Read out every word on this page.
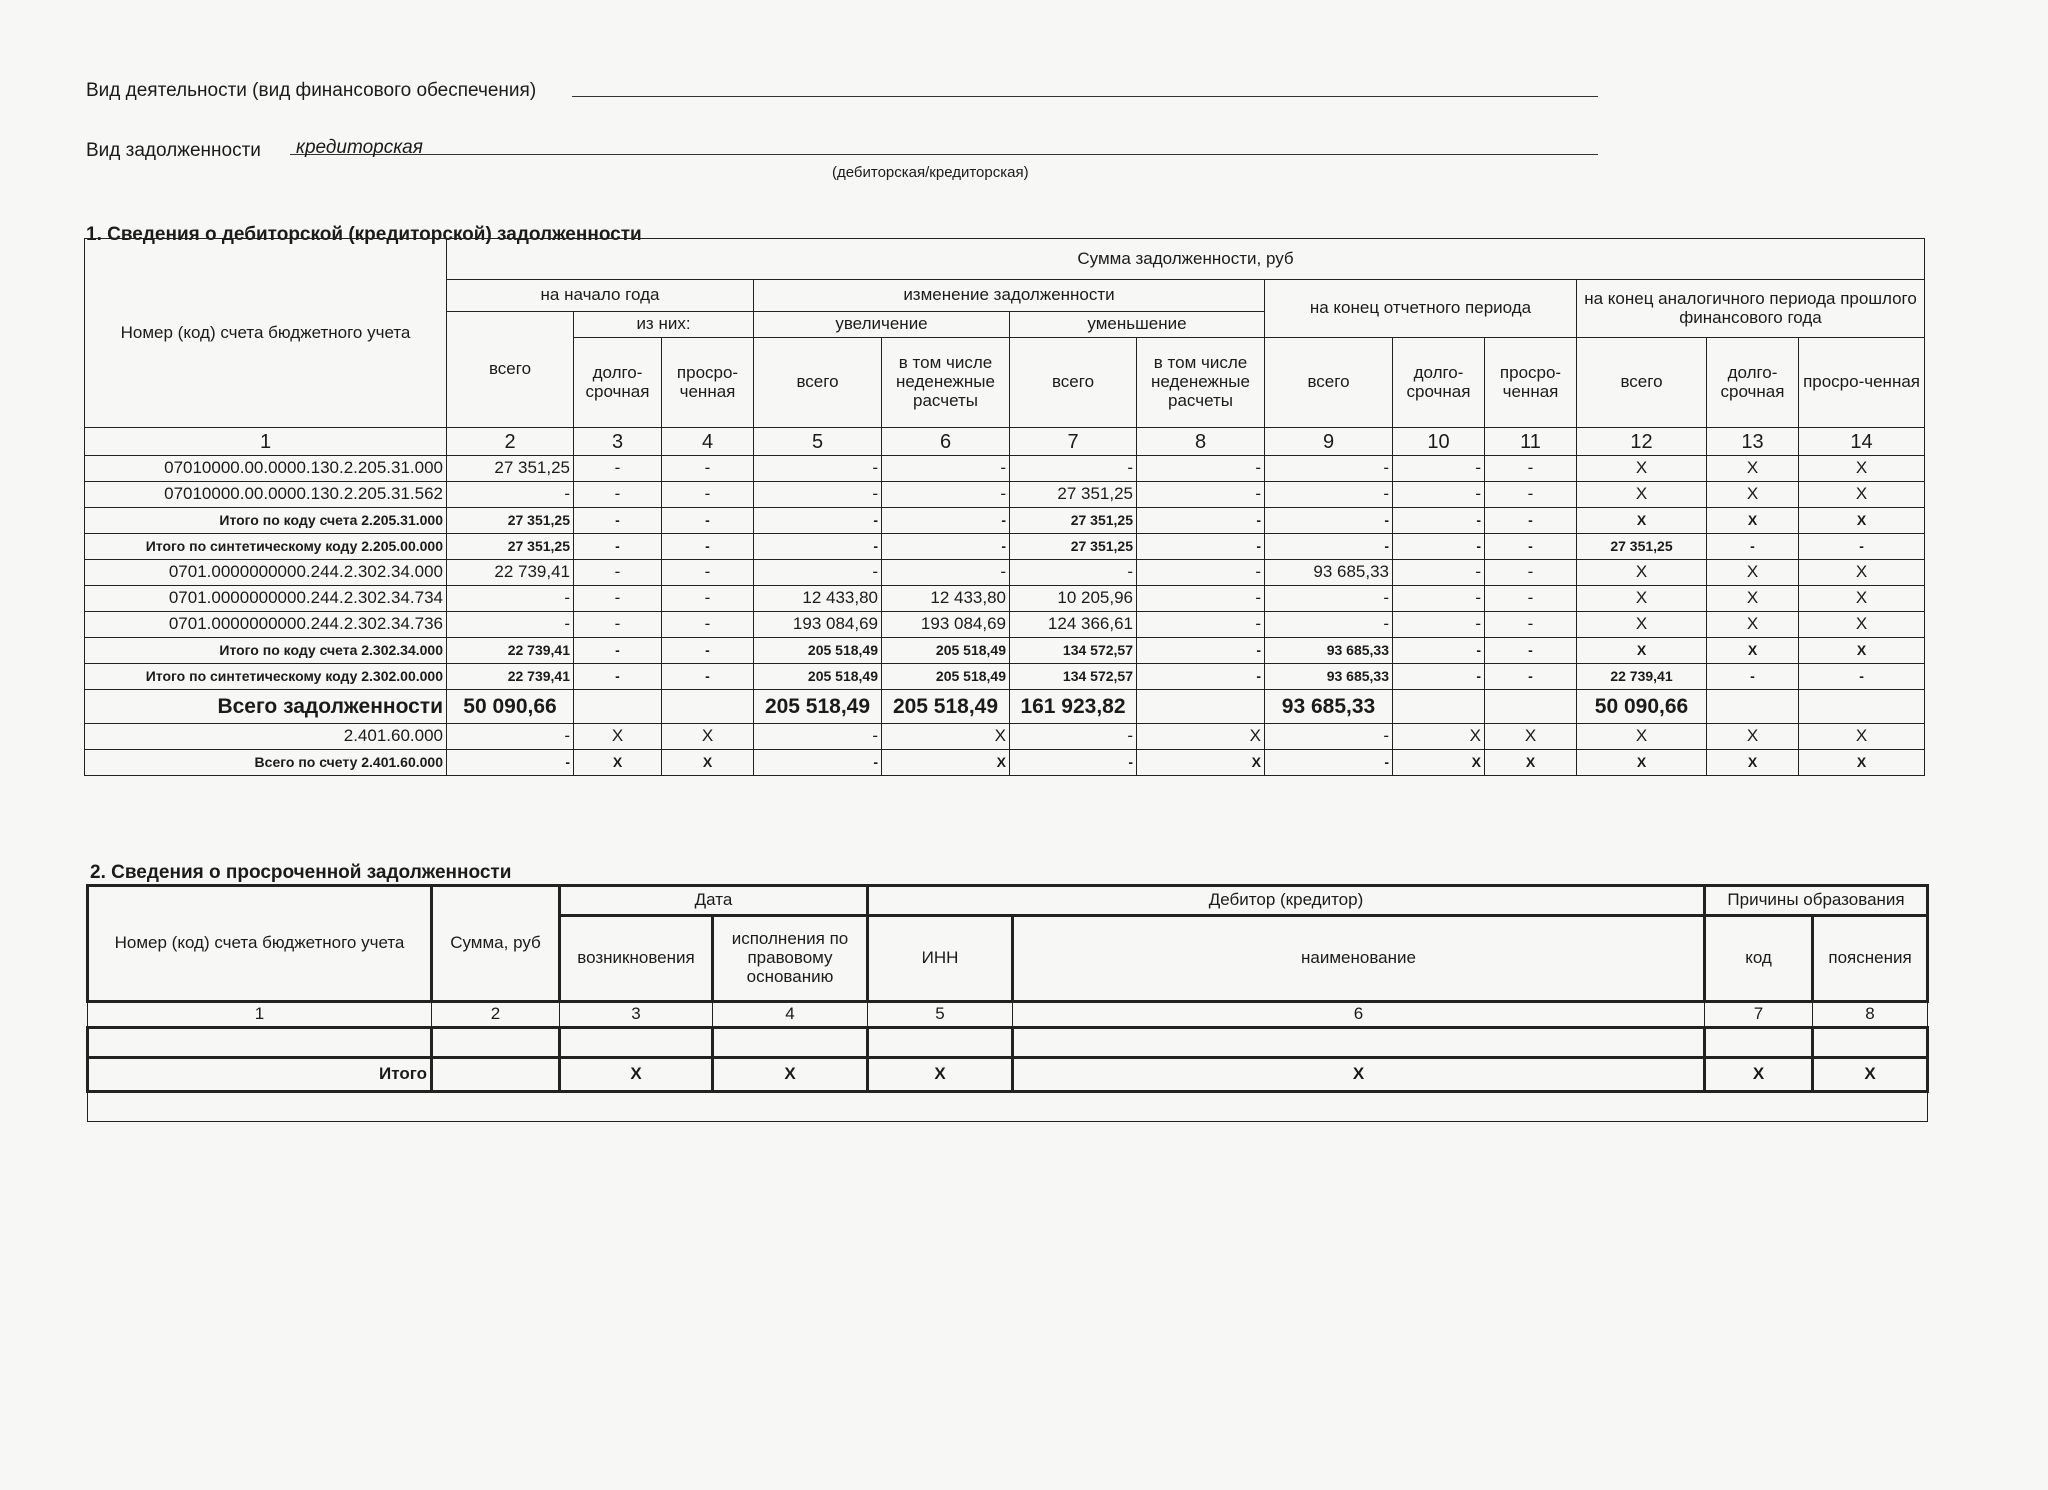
Вид деятельности (вид финансового обеспечения)
Вид задолженности кредиторская
(дебиторская/кредиторская)
1. Сведения о дебиторской (кредиторской) задолженности
Номер (код) счета бюджетного учета	Сумма задолженности, руб												
	на начало года			изменение задолженности				на конец отчетного периода			на конец аналогичного периода прошлого финансового года		
	всего	из них:		увеличение		уменьшение							
		долго-срочная	просро-ченная	всего	в том числе неденежные расчеты	всего	в том числе неденежные расчеты	всего	долго-срочная	просро-ченная	всего	долго-срочная	просро-ченная
1	2	3	4	5	6	7	8	9	10	11	12	13	14
07010000.00.0000.130.2.205.31.000	27 351,25	-	-	-	-	-	-	-	-	-	Х	Х	Х
07010000.00.0000.130.2.205.31.562	-	-	-	-	-	27 351,25	-	-	-	-	Х	Х	Х
Итого по коду счета 2.205.31.000	27 351,25	-	-	-	-	27 351,25	-	-	-	-	Х	Х	Х
Итого по синтетическому коду 2.205.00.000	27 351,25	-	-	-	-	27 351,25	-	-	-	-	27 351,25	-	-
0701.0000000000.244.2.302.34.000	22 739,41	-	-	-	-	-	-	93 685,33	-	-	Х	Х	Х
0701.0000000000.244.2.302.34.734	-	-	-	12 433,80	12 433,80	10 205,96	-	-	-	-	Х	Х	Х
0701.0000000000.244.2.302.34.736	-	-	-	193 084,69	193 084,69	124 366,61	-	-	-	-	Х	Х	Х
Итого по коду счета 2.302.34.000	22 739,41	-	-	205 518,49	205 518,49	134 572,57	-	93 685,33	-	-	Х	Х	Х
Итого по синтетическому коду 2.302.00.000	22 739,41	-	-	205 518,49	205 518,49	134 572,57	-	93 685,33	-	-	22 739,41	-	-
Всего задолженности	50 090,66			205 518,49	205 518,49	161 923,82		93 685,33			50 090,66		
2.401.60.000	-	Х	Х	-	Х	-	Х	-	Х	Х	Х	Х	Х
Всего по счету 2.401.60.000	-	Х	Х	-	Х	-	Х	-	Х	Х	Х	Х	Х
2. Сведения о просроченной задолженности
Номер (код) счета бюджетного учета	Сумма, руб	Дата		Дебитор (кредитор)		Причины образования	
		возникновения	исполнения по правовому основанию	ИНН	наименование	код	пояснения
1	2	3	4	5	6	7	8

Итого		Х	Х	Х	Х	Х	Х
